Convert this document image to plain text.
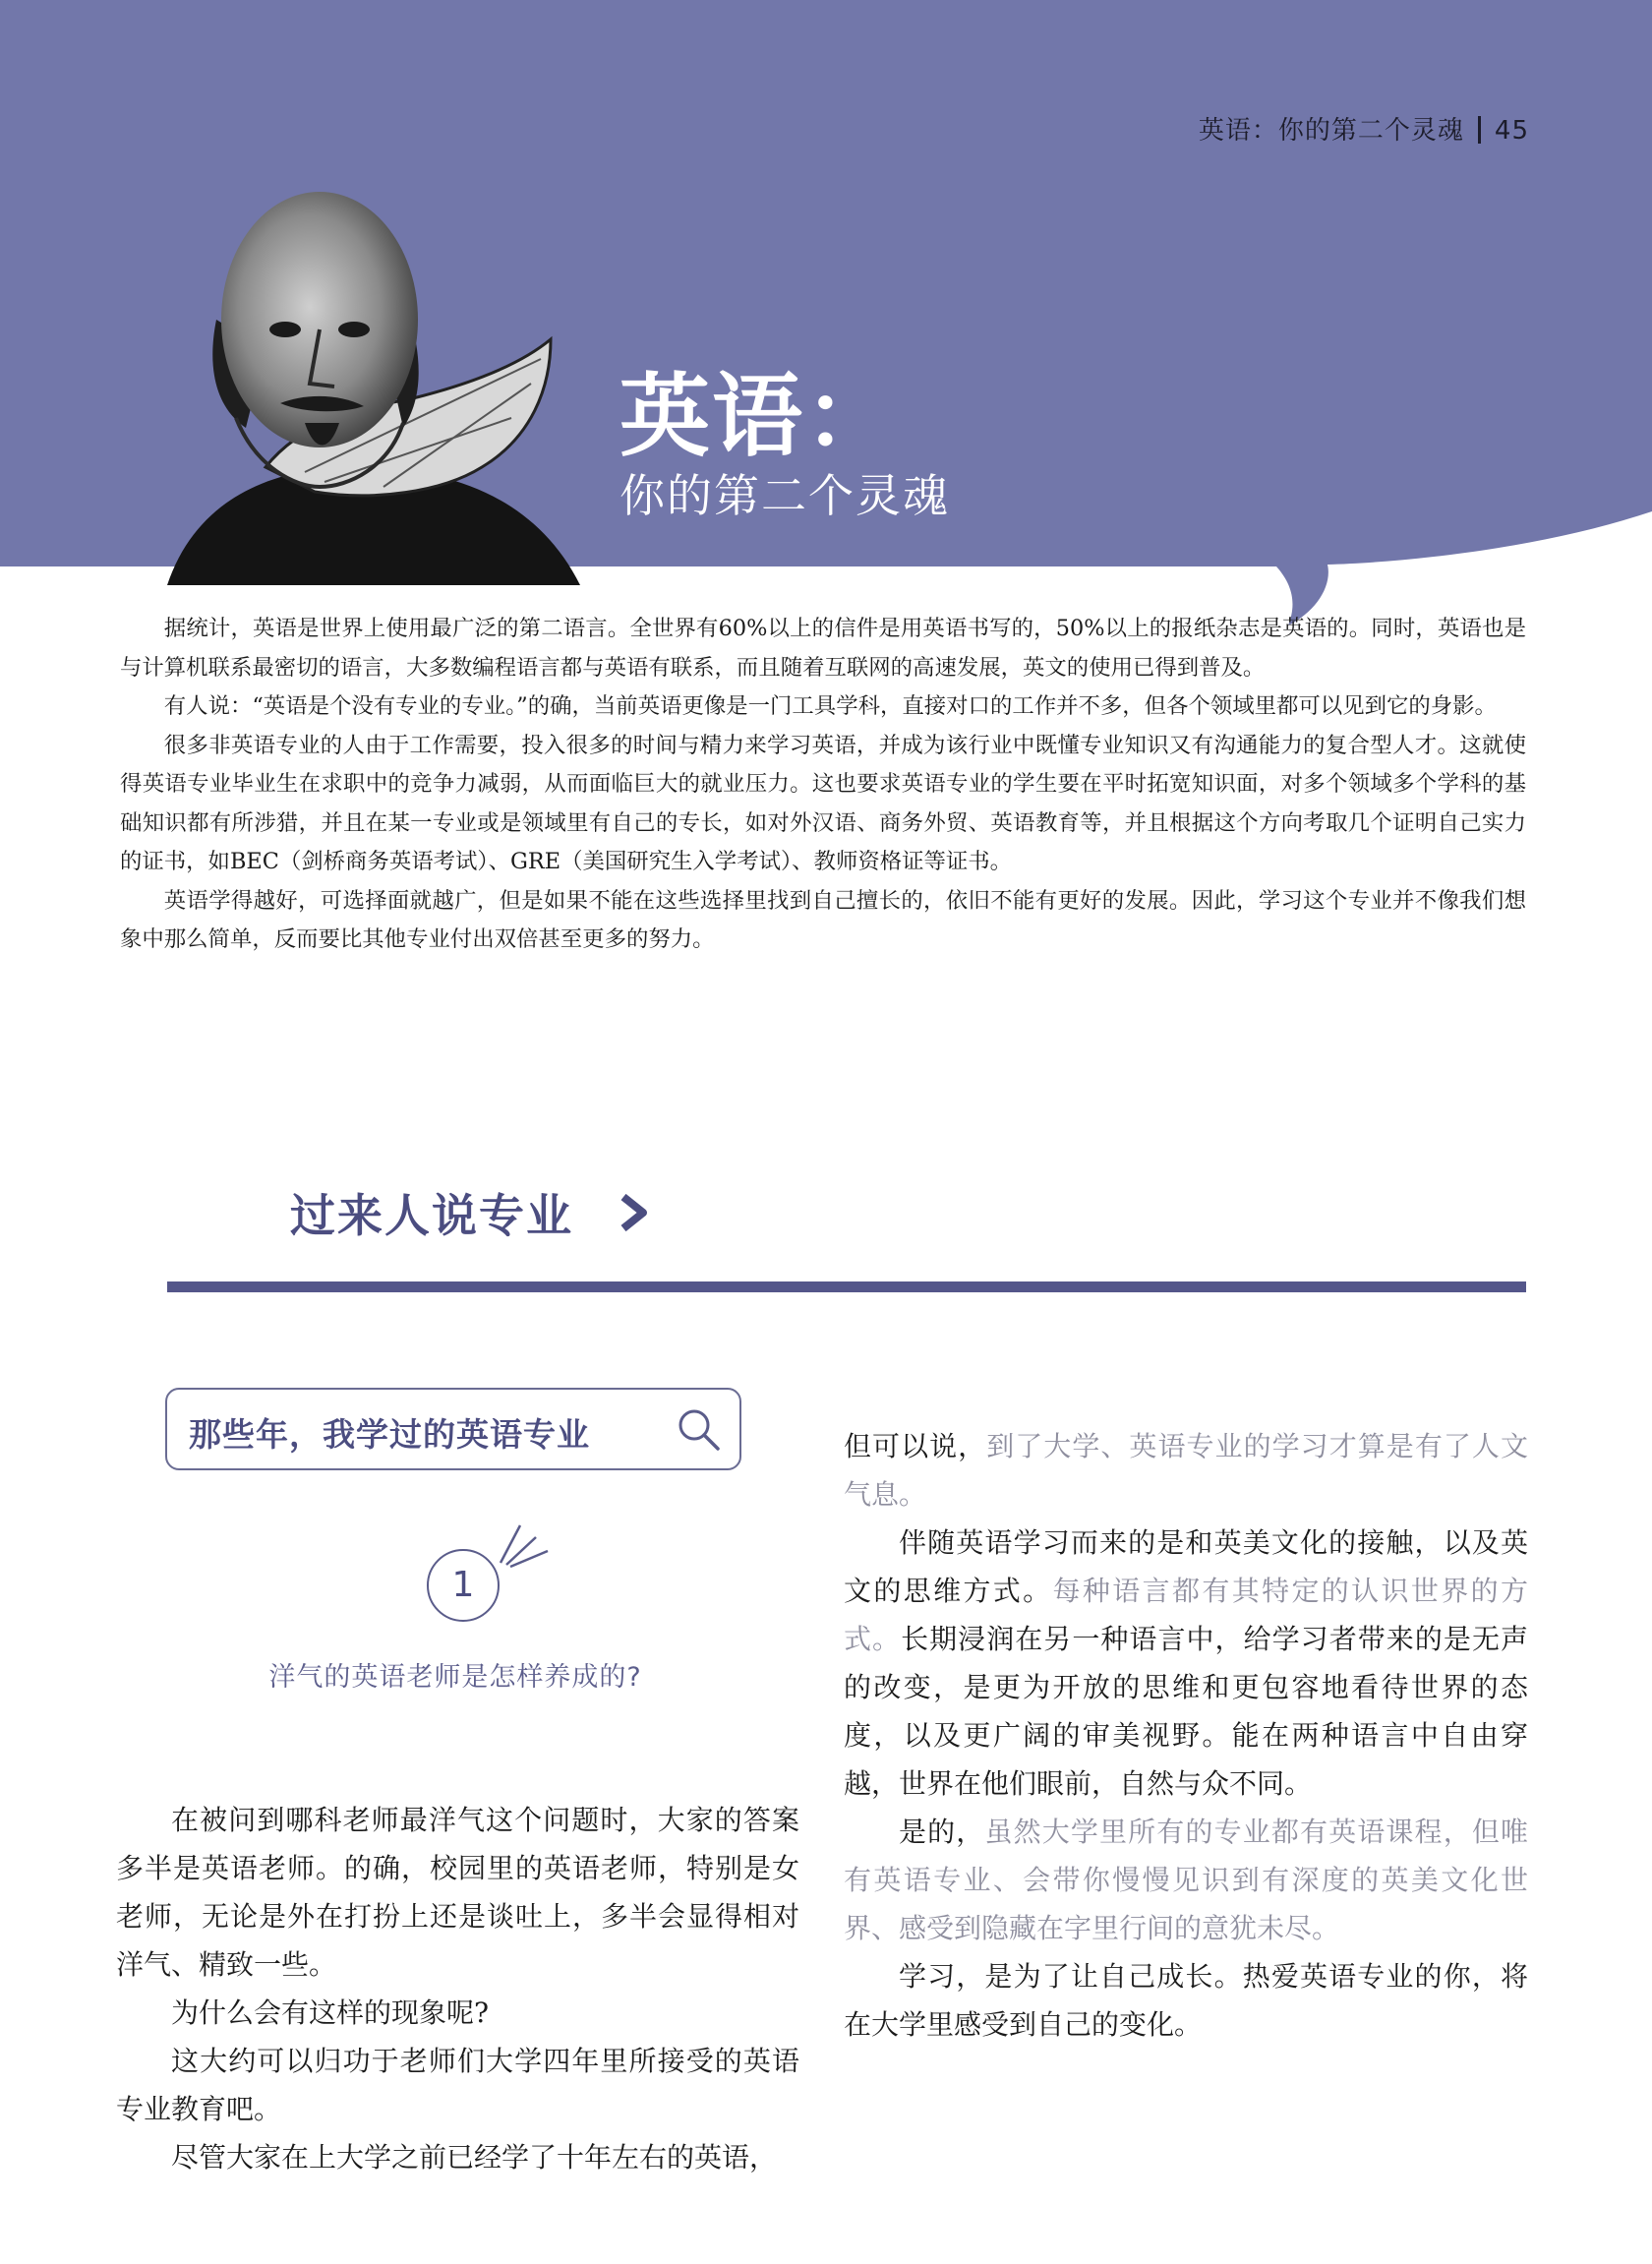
英语：你的第二个灵魂 45
英语：
你的第二个灵魂

据统计，英语是世界上使用最广泛的第二语言。全世界有60%以上的信件是用英语书写的，50%以上的报纸杂志是英语的。同时，英语也是与计算机联系最密切的语言，大多数编程语言都与英语有联系，而且随着互联网的高速发展，英文的使用已得到普及。

有人说：“英语是个没有专业的专业。”的确，当前英语更像是一门工具学科，直接对口的工作并不多，但各个领域里都可以见到它的身影。

很多非英语专业的人由于工作需要，投入很多的时间与精力来学习英语，并成为该行业中既懂专业知识又有沟通能力的复合型人才。这就使得英语专业毕业生在求职中的竞争力减弱，从而面临巨大的就业压力。这也要求英语专业的学生要在平时拓宽知识面，对多个领域多个学科的基础知识都有所涉猎，并且在某一专业或是领域里有自己的专长，如对外汉语、商务外贸、英语教育等，并且根据这个方向考取几个证明自己实力的证书，如BEC（剑桥商务英语考试）、GRE（美国研究生入学考试）、教师资格证等证书。

英语学得越好，可选择面就越广，但是如果不能在这些选择里找到自己擅长的，依旧不能有更好的发展。因此，学习这个专业并不像我们想象中那么简单，反而要比其他专业付出双倍甚至更多的努力。

过来人说专业
那些年，我学过的英语专业
1
洋气的英语老师是怎样养成的?

在被问到哪科老师最洋气这个问题时，大家的答案多半是英语老师。的确，校园里的英语老师，特别是女老师，无论是外在打扮上还是谈吐上，多半会显得相对洋气、精致一些。

为什么会有这样的现象呢?

这大约可以归功于老师们大学四年里所接受的英语专业教育吧。

尽管大家在上大学之前已经学了十年左右的英语，

但可以说，到了大学、英语专业的学习才算是有了人文气息。

伴随英语学习而来的是和英美文化的接触，以及英文的思维方式。每种语言都有其特定的认识世界的方式。长期浸润在另一种语言中，给学习者带来的是无声的改变，是更为开放的思维和更包容地看待世界的态度，以及更广阔的审美视野。能在两种语言中自由穿越，世界在他们眼前，自然与众不同。

是的，虽然大学里所有的专业都有英语课程，但唯有英语专业、会带你慢慢见识到有深度的英美文化世界、感受到隐藏在字里行间的意犹未尽。

学习，是为了让自己成长。热爱英语专业的你，将在大学里感受到自己的变化。
